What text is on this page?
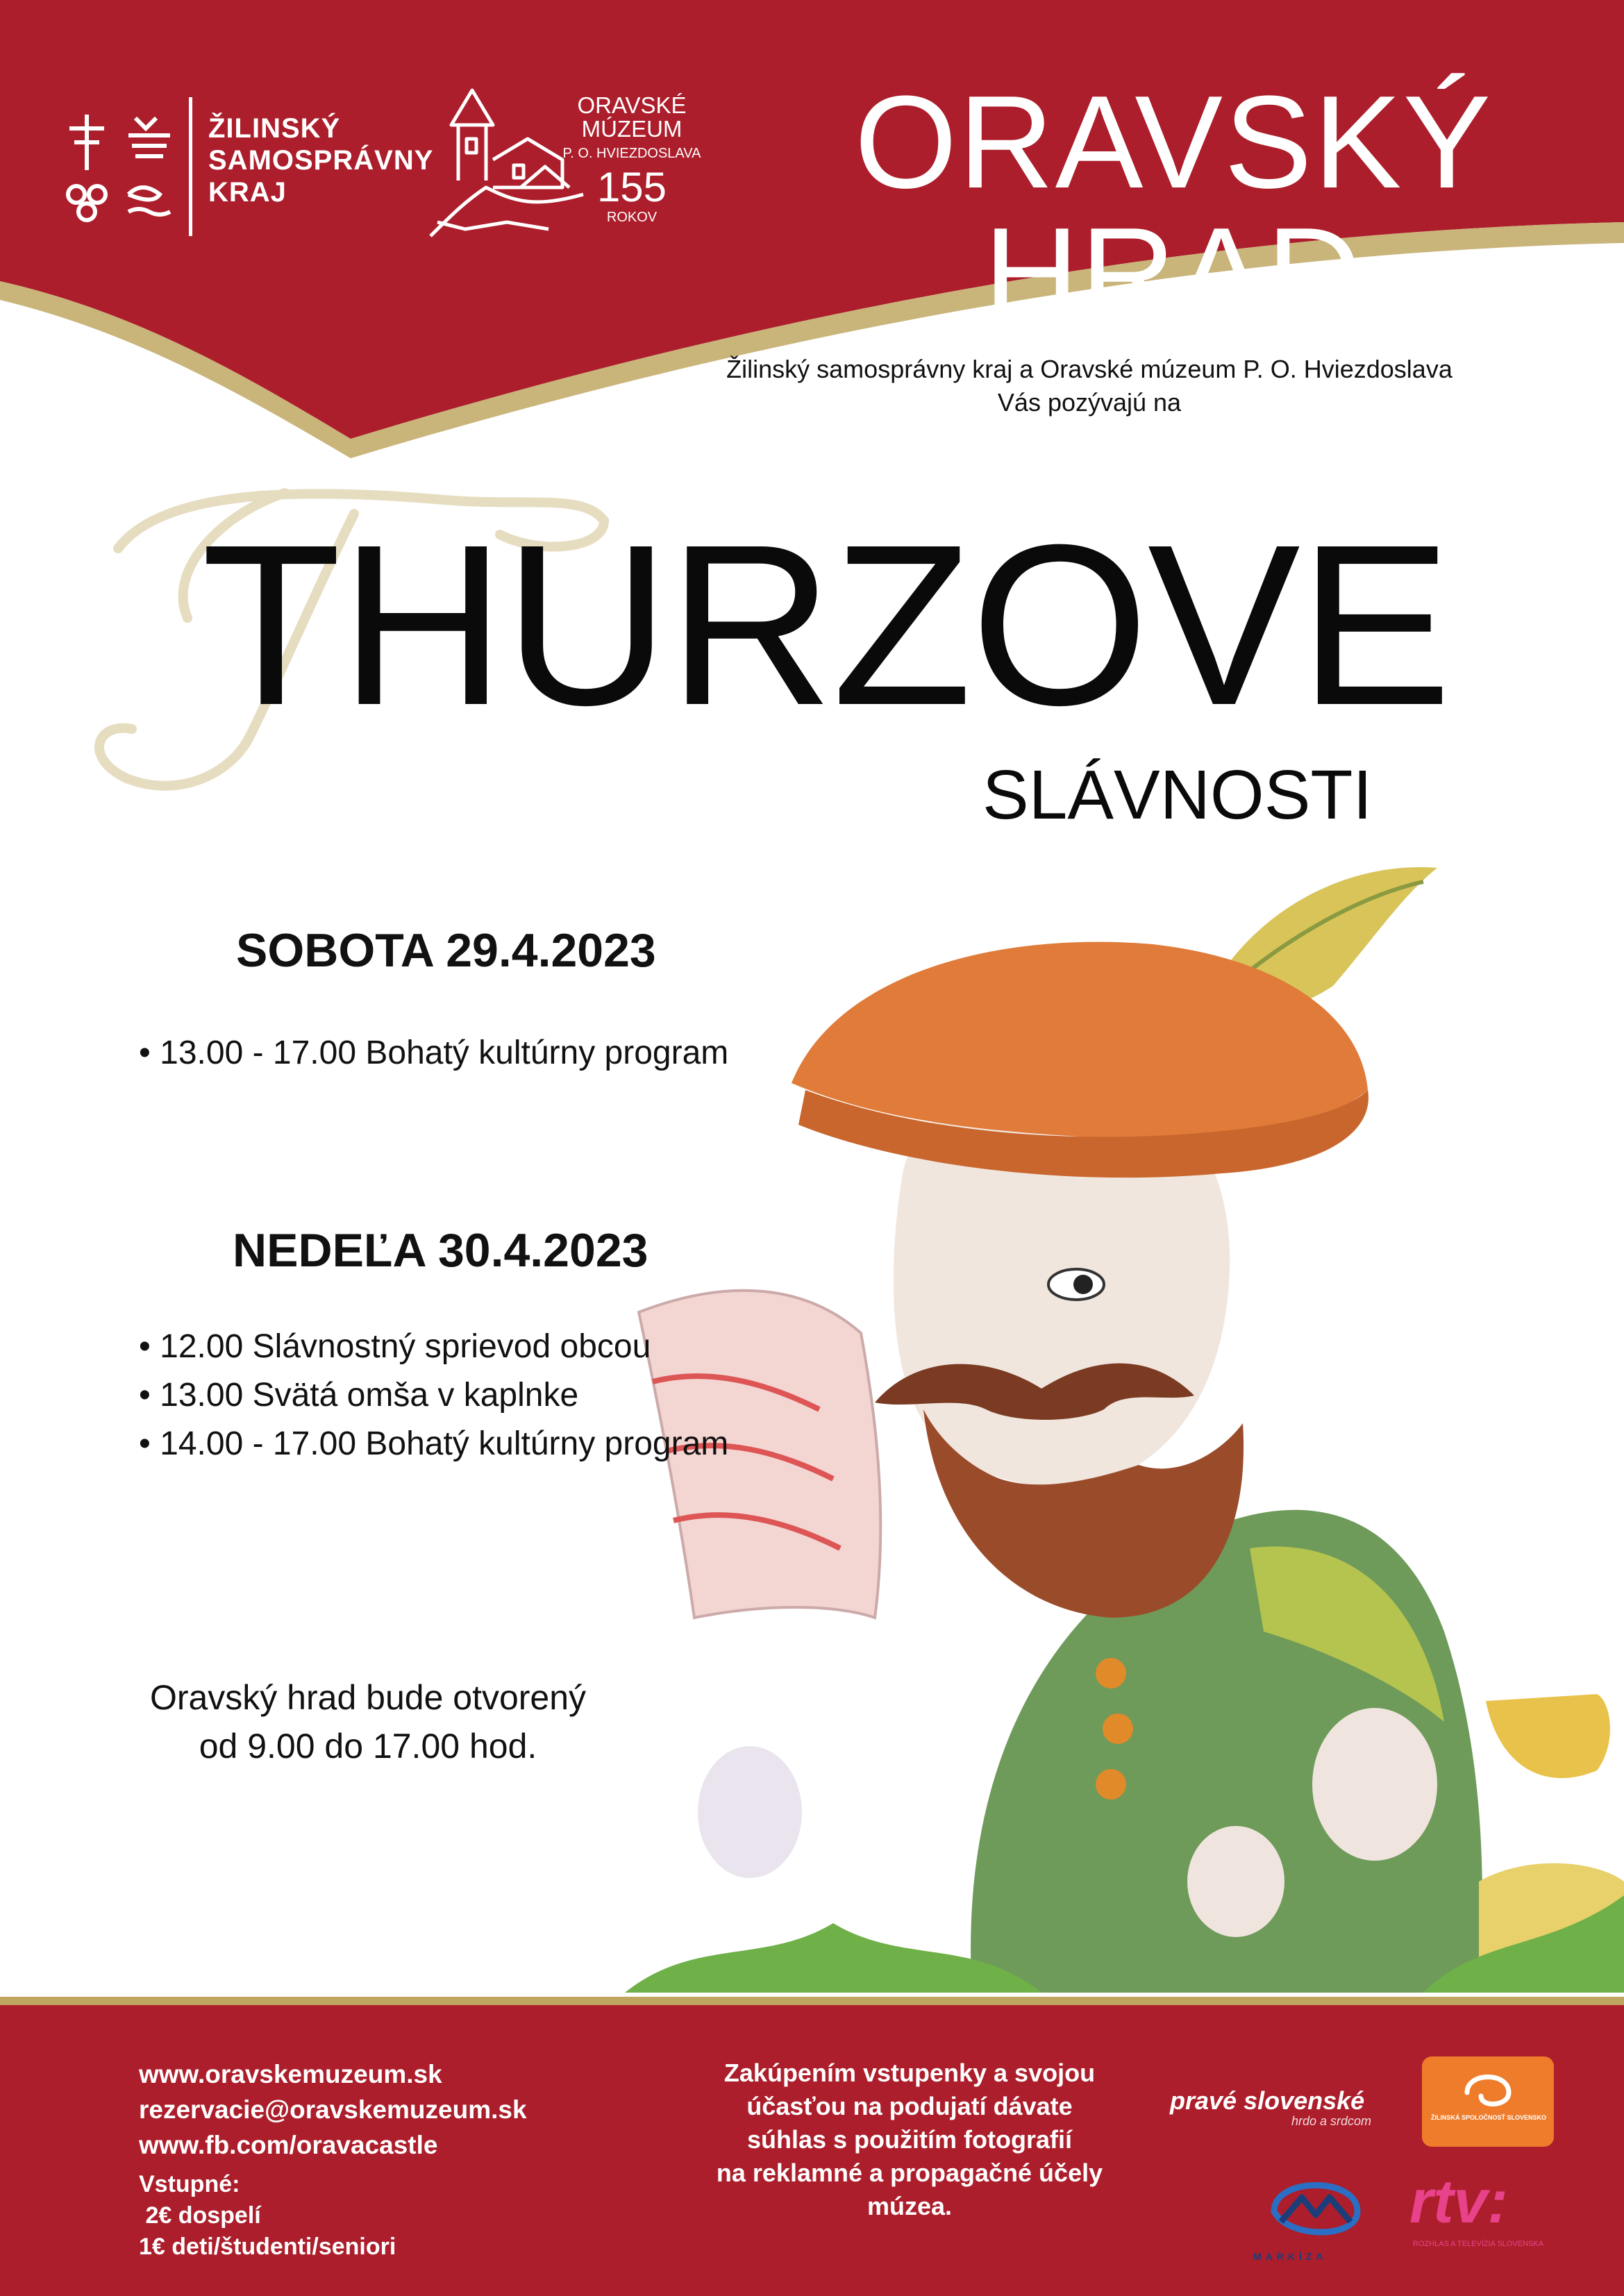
ŽILINSKÝ
SAMOSPRÁVNY
KRAJ
ORAVSKÉ
MÚZEUM
P. O. HVIEZDOSLAVA
155
ROKOV
ORAVSKÝ HRAD
Žilinský samosprávny kraj a Oravské múzeum P. O. Hviezdoslava
Vás pozývajú na
THURZOVE
SLÁVNOSTI
SOBOTA 29.4.2023
• 13.00 - 17.00 Bohatý kultúrny program
NEDEĽA 30.4.2023
• 12.00 Slávnostný sprievod obcou
• 13.00 Svätá omša v kaplnke
• 14.00 - 17.00 Bohatý kultúrny program
Oravský hrad bude otvorený
od 9.00 do 17.00 hod.
www.oravskemuzeum.sk
rezervacie@oravskemuzeum.sk
www.fb.com/oravacastle
Vstupné:
2€ dospelí
1€ deti/študenti/seniori
Zakúpením vstupenky a svojou
účasťou na podujatí dávate
súhlas s použitím fotografií
na reklamné a propagačné účely
múzea.
pravé slovenské
hrdo a srdcom	ŽILINSKÁ SPOLOČNOSŤ SLOVENSKO
MARKÍZA
rtv:
ROZHLAS A TELEVÍZIA SLOVENSKA
